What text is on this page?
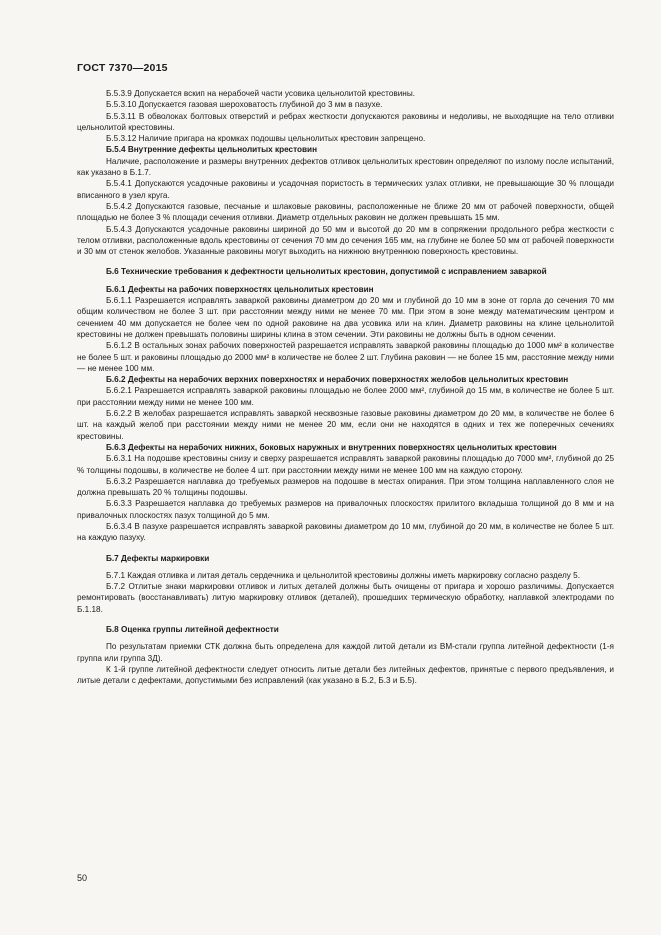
ГОСТ 7370—2015

Б.5.3.9 Допускается вскип на нерабочей части усовика цельнолитой крестовины.

Б.5.3.10 Допускается газовая шероховатость глубиной до 3 мм в пазухе.

Б.5.3.11 В обволоках болтовых отверстий и ребрах жесткости допускаются раковины и недоливы, не выходящие на тело отливки цельнолитой крестовины.

Б.5.3.12 Наличие пригара на кромках подошвы цельнолитых крестовин запрещено.

Б.5.4 Внутренние дефекты цельнолитых крестовин

Наличие, расположение и размеры внутренних дефектов отливок цельнолитых крестовин определяют по излому после испытаний, как указано в Б.1.7.

Б.5.4.1 Допускаются усадочные раковины и усадочная пористость в термических узлах отливки, не превышающие 30 % площади вписанного в узел круга.

Б.5.4.2 Допускаются газовые, песчаные и шлаковые раковины, расположенные не ближе 20 мм от рабочей поверхности, общей площадью не более 3 % площади сечения отливки. Диаметр отдельных раковин не должен превышать 15 мм.

Б.5.4.3 Допускаются усадочные раковины шириной до 50 мм и высотой до 20 мм в сопряжении продольного ребра жесткости с телом отливки, расположенные вдоль крестовины от сечения 70 мм до сечения 165 мм, на глубине не более 50 мм от рабочей поверхности и 30 мм от стенок желобов. Указанные раковины могут выходить на нижнюю внутреннюю поверхность крестовины.

Б.6 Технические требования к дефектности цельнолитых крестовин, допустимой с исправлением заваркой

Б.6.1 Дефекты на рабочих поверхностях цельнолитых крестовин

Б.6.1.1 Разрешается исправлять заваркой раковины диаметром до 20 мм и глубиной до 10 мм в зоне от горла до сечения 70 мм общим количеством не более 3 шт. при расстоянии между ними не менее 70 мм. При этом в зоне между математическим центром и сечением 40 мм допускается не более чем по одной раковине на два усовика или на клин. Диаметр раковины на клине цельнолитой крестовины не должен превышать половины ширины клина в этом сечении. Эти раковины не должны быть в одном сечении.

Б.6.1.2 В остальных зонах рабочих поверхностей разрешается исправлять заваркой раковины площадью до 1000 мм² в количестве не более 5 шт. и раковины площадью до 2000 мм² в количестве не более 2 шт. Глубина раковин — не более 15 мм, расстояние между ними — не менее 100 мм.

Б.6.2 Дефекты на нерабочих верхних поверхностях и нерабочих поверхностях желобов цельнолитых крестовин

Б.6.2.1 Разрешается исправлять заваркой раковины площадью не более 2000 мм², глубиной до 15 мм, в количестве не более 5 шт. при расстоянии между ними не менее 100 мм.

Б.6.2.2 В желобах разрешается исправлять заваркой несквозные газовые раковины диаметром до 20 мм, в количестве не более 6 шт. на каждый желоб при расстоянии между ними не менее 20 мм, если они не находятся в одних и тех же поперечных сечениях крестовины.

Б.6.3 Дефекты на нерабочих нижних, боковых наружных и внутренних поверхностях цельнолитых крестовин

Б.6.3.1 На подошве крестовины снизу и сверху разрешается исправлять заваркой раковины площадью до 7000 мм², глубиной до 25 % толщины подошвы, в количестве не более 4 шт. при расстоянии между ними не менее 100 мм на каждую сторону.

Б.6.3.2 Разрешается наплавка до требуемых размеров на подошве в местах опирания. При этом толщина наплавленного слоя не должна превышать 20 % толщины подошвы.

Б.6.3.3 Разрешается наплавка до требуемых размеров на привалочных плоскостях прилитого вкладыша толщиной до 8 мм и на привалочных плоскостях пазух толщиной до 5 мм.

Б.6.3.4 В пазухе разрешается исправлять заваркой раковины диаметром до 10 мм, глубиной до 20 мм, в количестве не более 5 шт. на каждую пазуху.

Б.7 Дефекты маркировки

Б.7.1 Каждая отливка и литая деталь сердечника и цельнолитой крестовины должны иметь маркировку согласно разделу 5.

Б.7.2 Отлитые знаки маркировки отливок и литых деталей должны быть очищены от пригара и хорошо различимы. Допускается ремонтировать (восстанавливать) литую маркировку отливок (деталей), прошедших термическую обработку, наплавкой электродами по Б.1.18.

Б.8 Оценка группы литейной дефектности

По результатам приемки СТК должна быть определена для каждой литой детали из ВМ-стали группа литейной дефектности (1-я группа или группа 3Д).

К 1-й группе литейной дефектности следует относить литые детали без литейных дефектов, принятые с первого предъявления, и литые детали с дефектами, допустимыми без исправлений (как указано в Б.2, Б.3 и Б.5).

50
